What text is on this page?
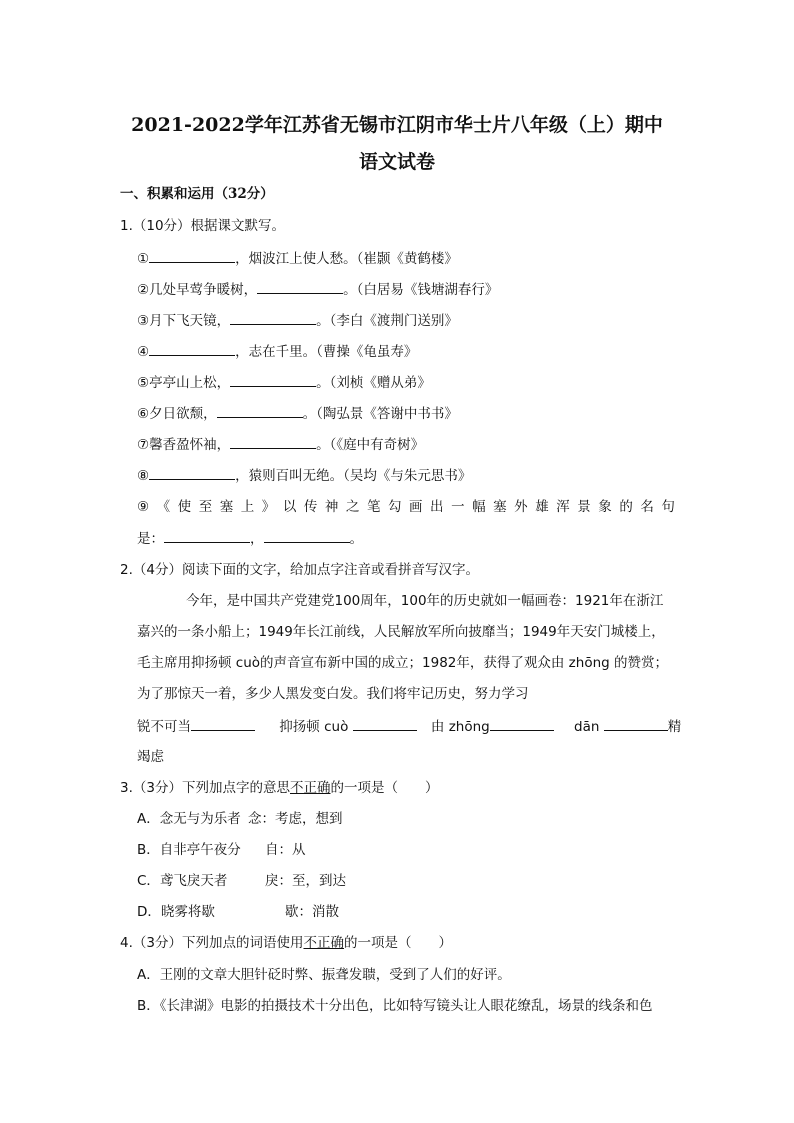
2021-2022学年江苏省无锡市江阴市华士片八年级（上）期中
语文试卷
一、积累和运用（32分）
1.（10分）根据课文默写。
①	，烟波江上使人愁。（崔颢《黄鹤楼》
②几处早莺争暖树，	。（白居易《钱塘湖春行》
③月下飞天镜，	。（李白《渡荆门送别》
④	，志在千里。（曹操《龟虽寿》
⑤亭亭山上松，	。（刘桢《赠从弟》
⑥夕日欲颓，	。（陶弘景《答谢中书书》
⑦馨香盈怀袖，	。（《庭中有奇树》
⑧	，猿则百叫无绝。（吴均《与朱元思书》
⑨ 《 使 至 塞 上 》 以 传 神 之 笔 勾 画 出 一 幅 塞 外 雄 浑 景 象 的 名 句
是：	，	。
2.（4分）阅读下面的文字，给加点字注音或看拼音写汉字。
今年，是中国共产党建党100周年，100年的历史就如一幅画卷：1921年在浙江
嘉兴的一条小船上；1949年长江前线，人民解放军所向披靡当；1949年天安门城楼上，
毛主席用抑扬顿 cuò的声音宣布新中国的成立；1982年，获得了观众由 zhōng 的赞赏；
为了那惊天一着，多少人黑发变白发。我们将牢记历史，努力学习
锐不可当	抑扬顿 cuò	由 zhōng	dān	精
竭虑
3.（3分）下列加点字的意思不正确的一项是（　　）
A．念无与为乐者 念：考虑，想到
B．自非亭午夜分 自：从
C．鸢飞戾天者	戾：至，到达
D．晓雾将歇	歇：消散
4.（3分）下列加点的词语使用不正确的一项是（　　）
A．王刚的文章大胆针砭时弊、振聋发聩，受到了人们的好评。
B．《长津湖》电影的拍摄技术十分出色，比如特写镜头让人眼花缭乱，场景的线条和色
